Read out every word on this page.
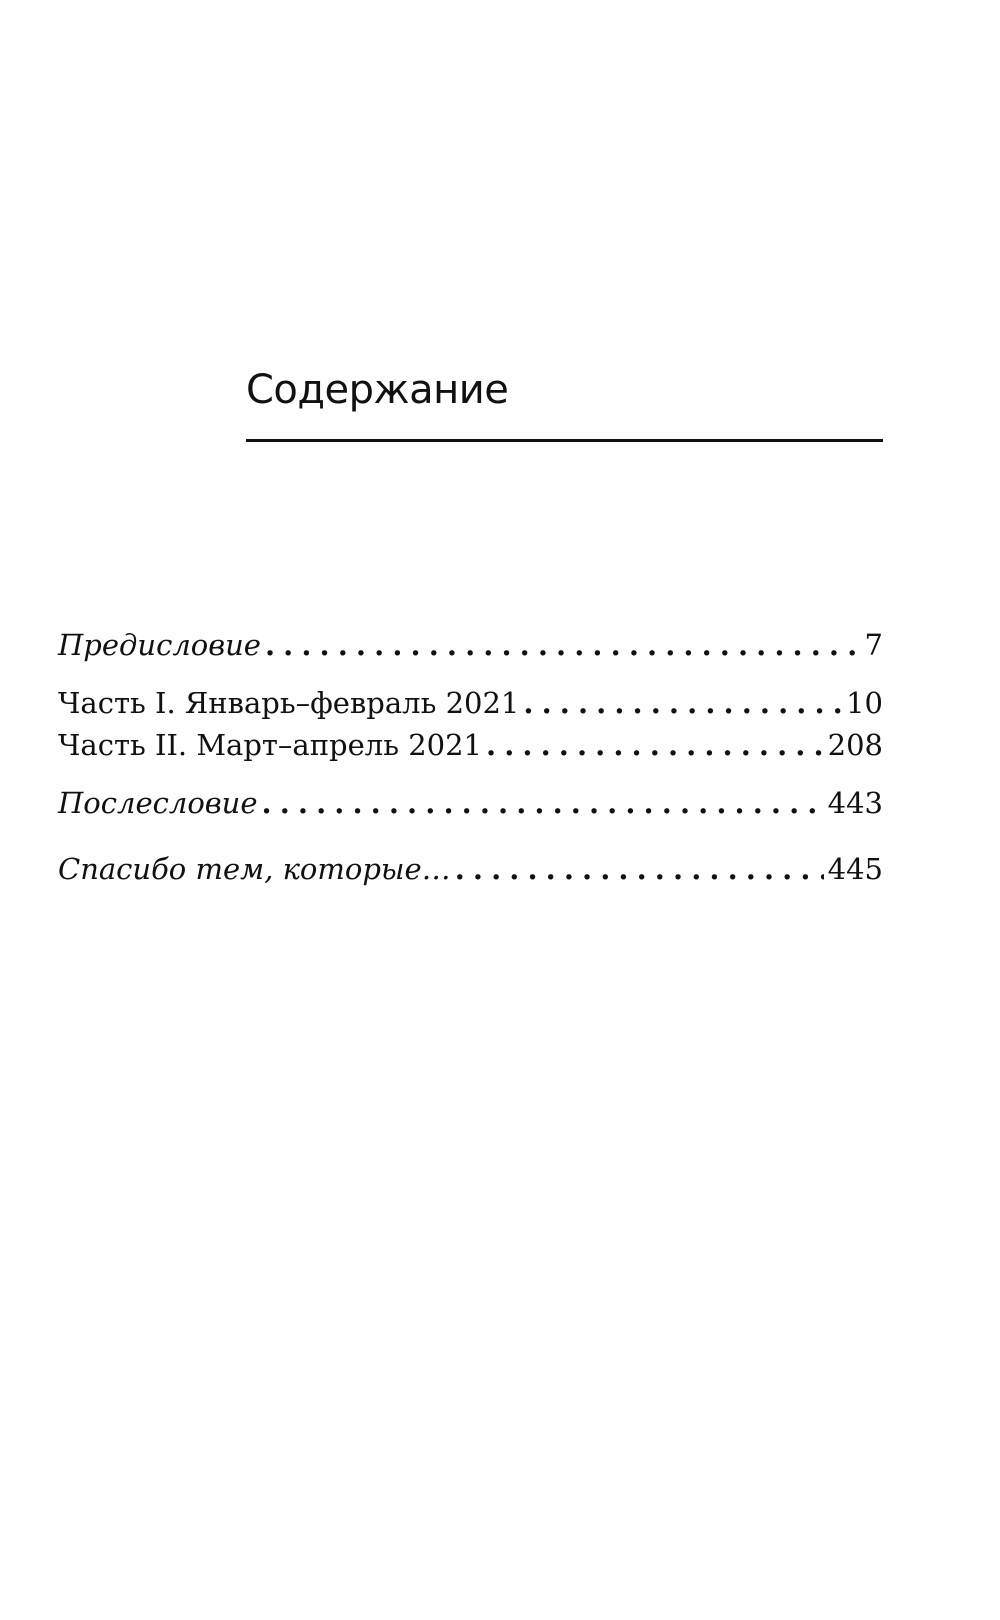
Содержание
Предисловие . . .	7
Часть I. Январь–февраль 2021 . . .	10
Часть II. Март–апрель 2021 . . .	208
Послесловие . . .	443
Спасибо тем, которые… . . .	445
